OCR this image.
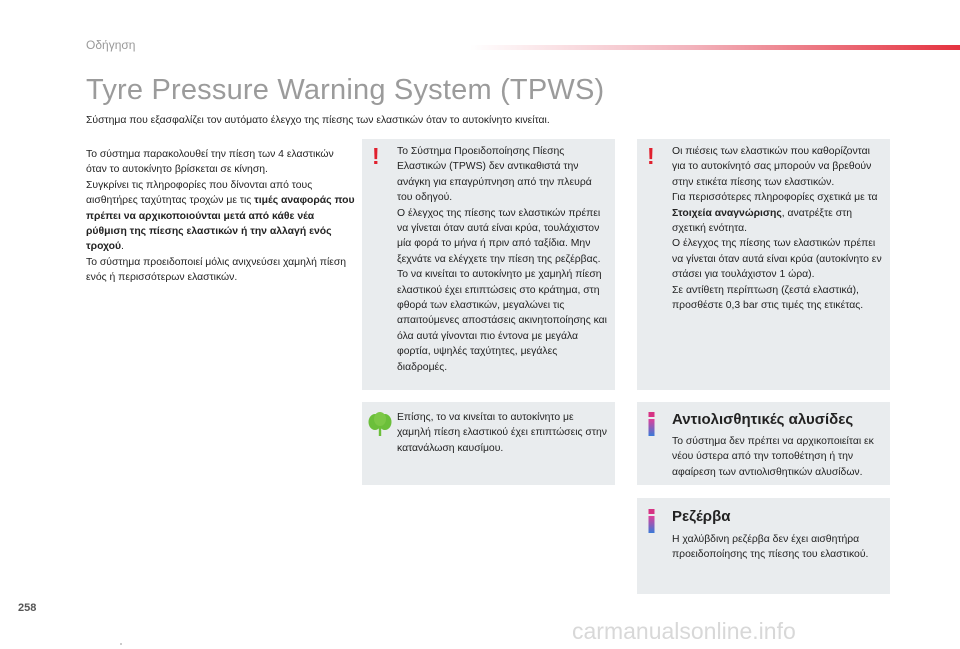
Οδήγηση
Tyre Pressure Warning System (TPWS)
Σύστημα που εξασφαλίζει τον αυτόματο έλεγχο της πίεσης των ελαστικών όταν το αυτοκίνητο κινείται.

Το σύστημα παρακολουθεί την πίεση των 4 ελαστικών όταν το αυτοκίνητο βρίσκεται σε κίνηση.

Συγκρίνει τις πληροφορίες που δίνονται από τους αισθητήρες ταχύτητας τροχών με τις τιμές αναφοράς που πρέπει να αρχικοποιούνται μετά από κάθε νέα ρύθμιση της πίεσης ελαστικών ή την αλλαγή ενός τροχού.

Το σύστημα προειδοποιεί μόλις ανιχνεύσει χαμηλή πίεση ενός ή περισσότερων ελαστικών.

! Το Σύστημα Προειδοποίησης Πίεσης Ελαστικών (TPWS) δεν αντικαθιστά την ανάγκη για επαγρύπνηση από την πλευρά του οδηγού.

Ο έλεγχος της πίεσης των ελαστικών πρέπει να γίνεται όταν αυτά είναι κρύα, τουλάχιστον μία φορά το μήνα ή πριν από ταξίδια. Μην ξεχνάτε να ελέγχετε την πίεση της ρεζέρβας.

Το να κινείται το αυτοκίνητο με χαμηλή πίεση ελαστικού έχει επιπτώσεις στο κράτημα, στη φθορά των ελαστικών, μεγαλώνει τις απαιτούμενες αποστάσεις ακινητοποίησης και όλα αυτά γίνονται πιο έντονα με μεγάλα φορτία, υψηλές ταχύτητες, μεγάλες διαδρομές.

! Οι πιέσεις των ελαστικών που καθορίζονται για το αυτοκίνητό σας μπορούν να βρεθούν στην ετικέτα πίεσης των ελαστικών.

Για περισσότερες πληροφορίες σχετικά με τα Στοιχεία αναγνώρισης, ανατρέξτε στη σχετική ενότητα.

Ο έλεγχος της πίεσης των ελαστικών πρέπει να γίνεται όταν αυτά είναι κρύα (αυτοκίνητο εν στάσει για τουλάχιστον 1 ώρα).

Σε αντίθετη περίπτωση (ζεστά ελαστικά), προσθέστε 0,3 bar στις τιμές της ετικέτας.

Επίσης, το να κινείται το αυτοκίνητο με χαμηλή πίεση ελαστικού έχει επιπτώσεις στην κατανάλωση καυσίμου.
Αντιολισθητικές αλυσίδες
Το σύστημα δεν πρέπει να αρχικοποιείται εκ νέου ύστερα από την τοποθέτηση ή την αφαίρεση των αντιολισθητικών αλυσίδων.
Ρεζέρβα
Η χαλύβδινη ρεζέρβα δεν έχει αισθητήρα προειδοποίησης της πίεσης του ελαστικού.
258
carmanualsonline.info
